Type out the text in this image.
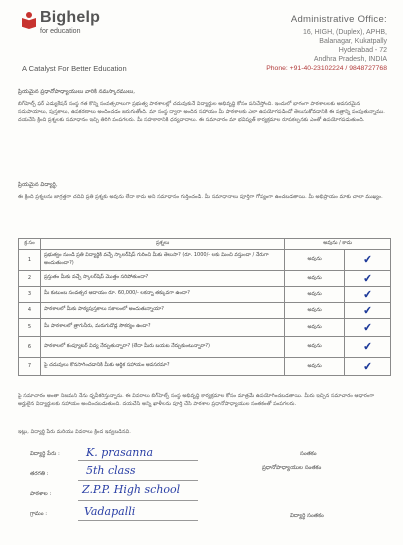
Bighelp
for education
A Catalyst For Better Education
Administrative Office:
16, HIGH, (Duplex), APHB,
Balanagar, Kukatpally
Hyderabad - 72
Andhra Pradesh, INDIA
Phone: +91-40-23102224 / 9848727768
ప్రియమైన ప్రధానోపాధ్యాయులు వారికి నమస్కారములు,
బిగ్‌హెల్ప్ ఫర్ ఎడ్యుకేషన్ సంస్థ గత కొన్ని సంవత్సరాలుగా ప్రభుత్వ పాఠశాలల్లో చదువుకునే విద్యార్థుల అభివృద్ధి కోసం పనిచేస్తోంది. ఇందులో భాగంగా పాఠశాలలకు అవసరమైన సదుపాయాలు, పుస్తకాలు, ఉపకరణాలు అందించడం జరుగుతోంది. మా సంస్థ ద్వారా అందిన సహాయం మీ పాఠశాలకు ఎలా ఉపయోగపడిందో తెలుసుకోవడానికి ఈ పత్రాన్ని పంపుతున్నాము. దయచేసి క్రింది ప్రశ్నలకు సమాధానం ఇచ్చి తిరిగి పంపగలరు. మీ సహకారానికి ధన్యవాదాలు. ఈ సమాచారం మా భవిష్యత్ కార్యక్రమాల రూపకల్పనకు ఎంతో ఉపయోగపడుతుంది.
ప్రియమైన విద్యార్థి,
ఈ క్రింది ప్రశ్నలను జాగ్రత్తగా చదివి ప్రతి ప్రశ్నకు అవును లేదా కాదు అని సమాధానం గుర్తించండి. మీ సమాధానాలు పూర్తిగా గోప్యంగా ఉంచబడతాయి. మీ అభిప్రాయం మాకు చాలా ముఖ్యం.
క్ర.సం	ప్రశ్నలు	అవును / కాదు	
1	ప్రభుత్వం నుండి ప్రతి విద్యార్థికి వచ్చే స్కాలర్‌షిప్ గురించి మీకు తెలుసా? (రూ. 1000/- లకు మించి వస్తుందా / నేరుగా అందుతుందా?)	అవును	✔
2	ప్రస్తుతం మీకు వచ్చే స్కాలర్‌షిప్ మొత్తం సరిపోతుందా?	అవును	✔
3	మీ కుటుంబ సంవత్సర ఆదాయం రూ. 60,000/- లకన్నా తక్కువగా ఉందా?	అవును	✔
4	పాఠశాలలో మీకు పాఠ్యపుస్తకాలు సకాలంలో అందుతున్నాయా?	అవును	✔
5	మీ పాఠశాలలో త్రాగునీరు, మరుగుదొడ్ల సౌకర్యం ఉందా?	అవును	✔
6	పాఠశాలలో కంప్యూటర్ విద్య నేర్పుతున్నారా? (లేదా మీరు బయట నేర్చుకుంటున్నారా?)	అవును	✔
7	పై చదువులు కొనసాగించడానికి మీకు ఆర్థిక సహాయం అవసరమా?	అవును	✔
పై సమాచారం అంతా నిజమని నేను ధృవీకరిస్తున్నాను. ఈ వివరాలు బిగ్‌హెల్ప్ సంస్థ అభివృద్ధి కార్యక్రమాల కోసం మాత్రమే ఉపయోగించబడతాయి. మీరు ఇచ్చిన సమాచారం ఆధారంగా అర్హులైన విద్యార్థులకు సహాయం అందించబడుతుంది. దయచేసి అన్ని ఖాళీలను పూర్తి చేసి పాఠశాల ప్రధానోపాధ్యాయుల సంతకంతో పంపగలరు.
ఇట్లు, విద్యార్థి పేరు మరియు వివరాలు క్రింద ఇవ్వబడినవి.
విద్యార్థి పేరు : K. prasanna
తరగతి :	5th class
పాఠశాల :	Z.P.P. High school
గ్రామం :	Vadapalli
సంతకం
ప్రధానోపాధ్యాయుల సంతకం
విద్యార్థి సంతకం
